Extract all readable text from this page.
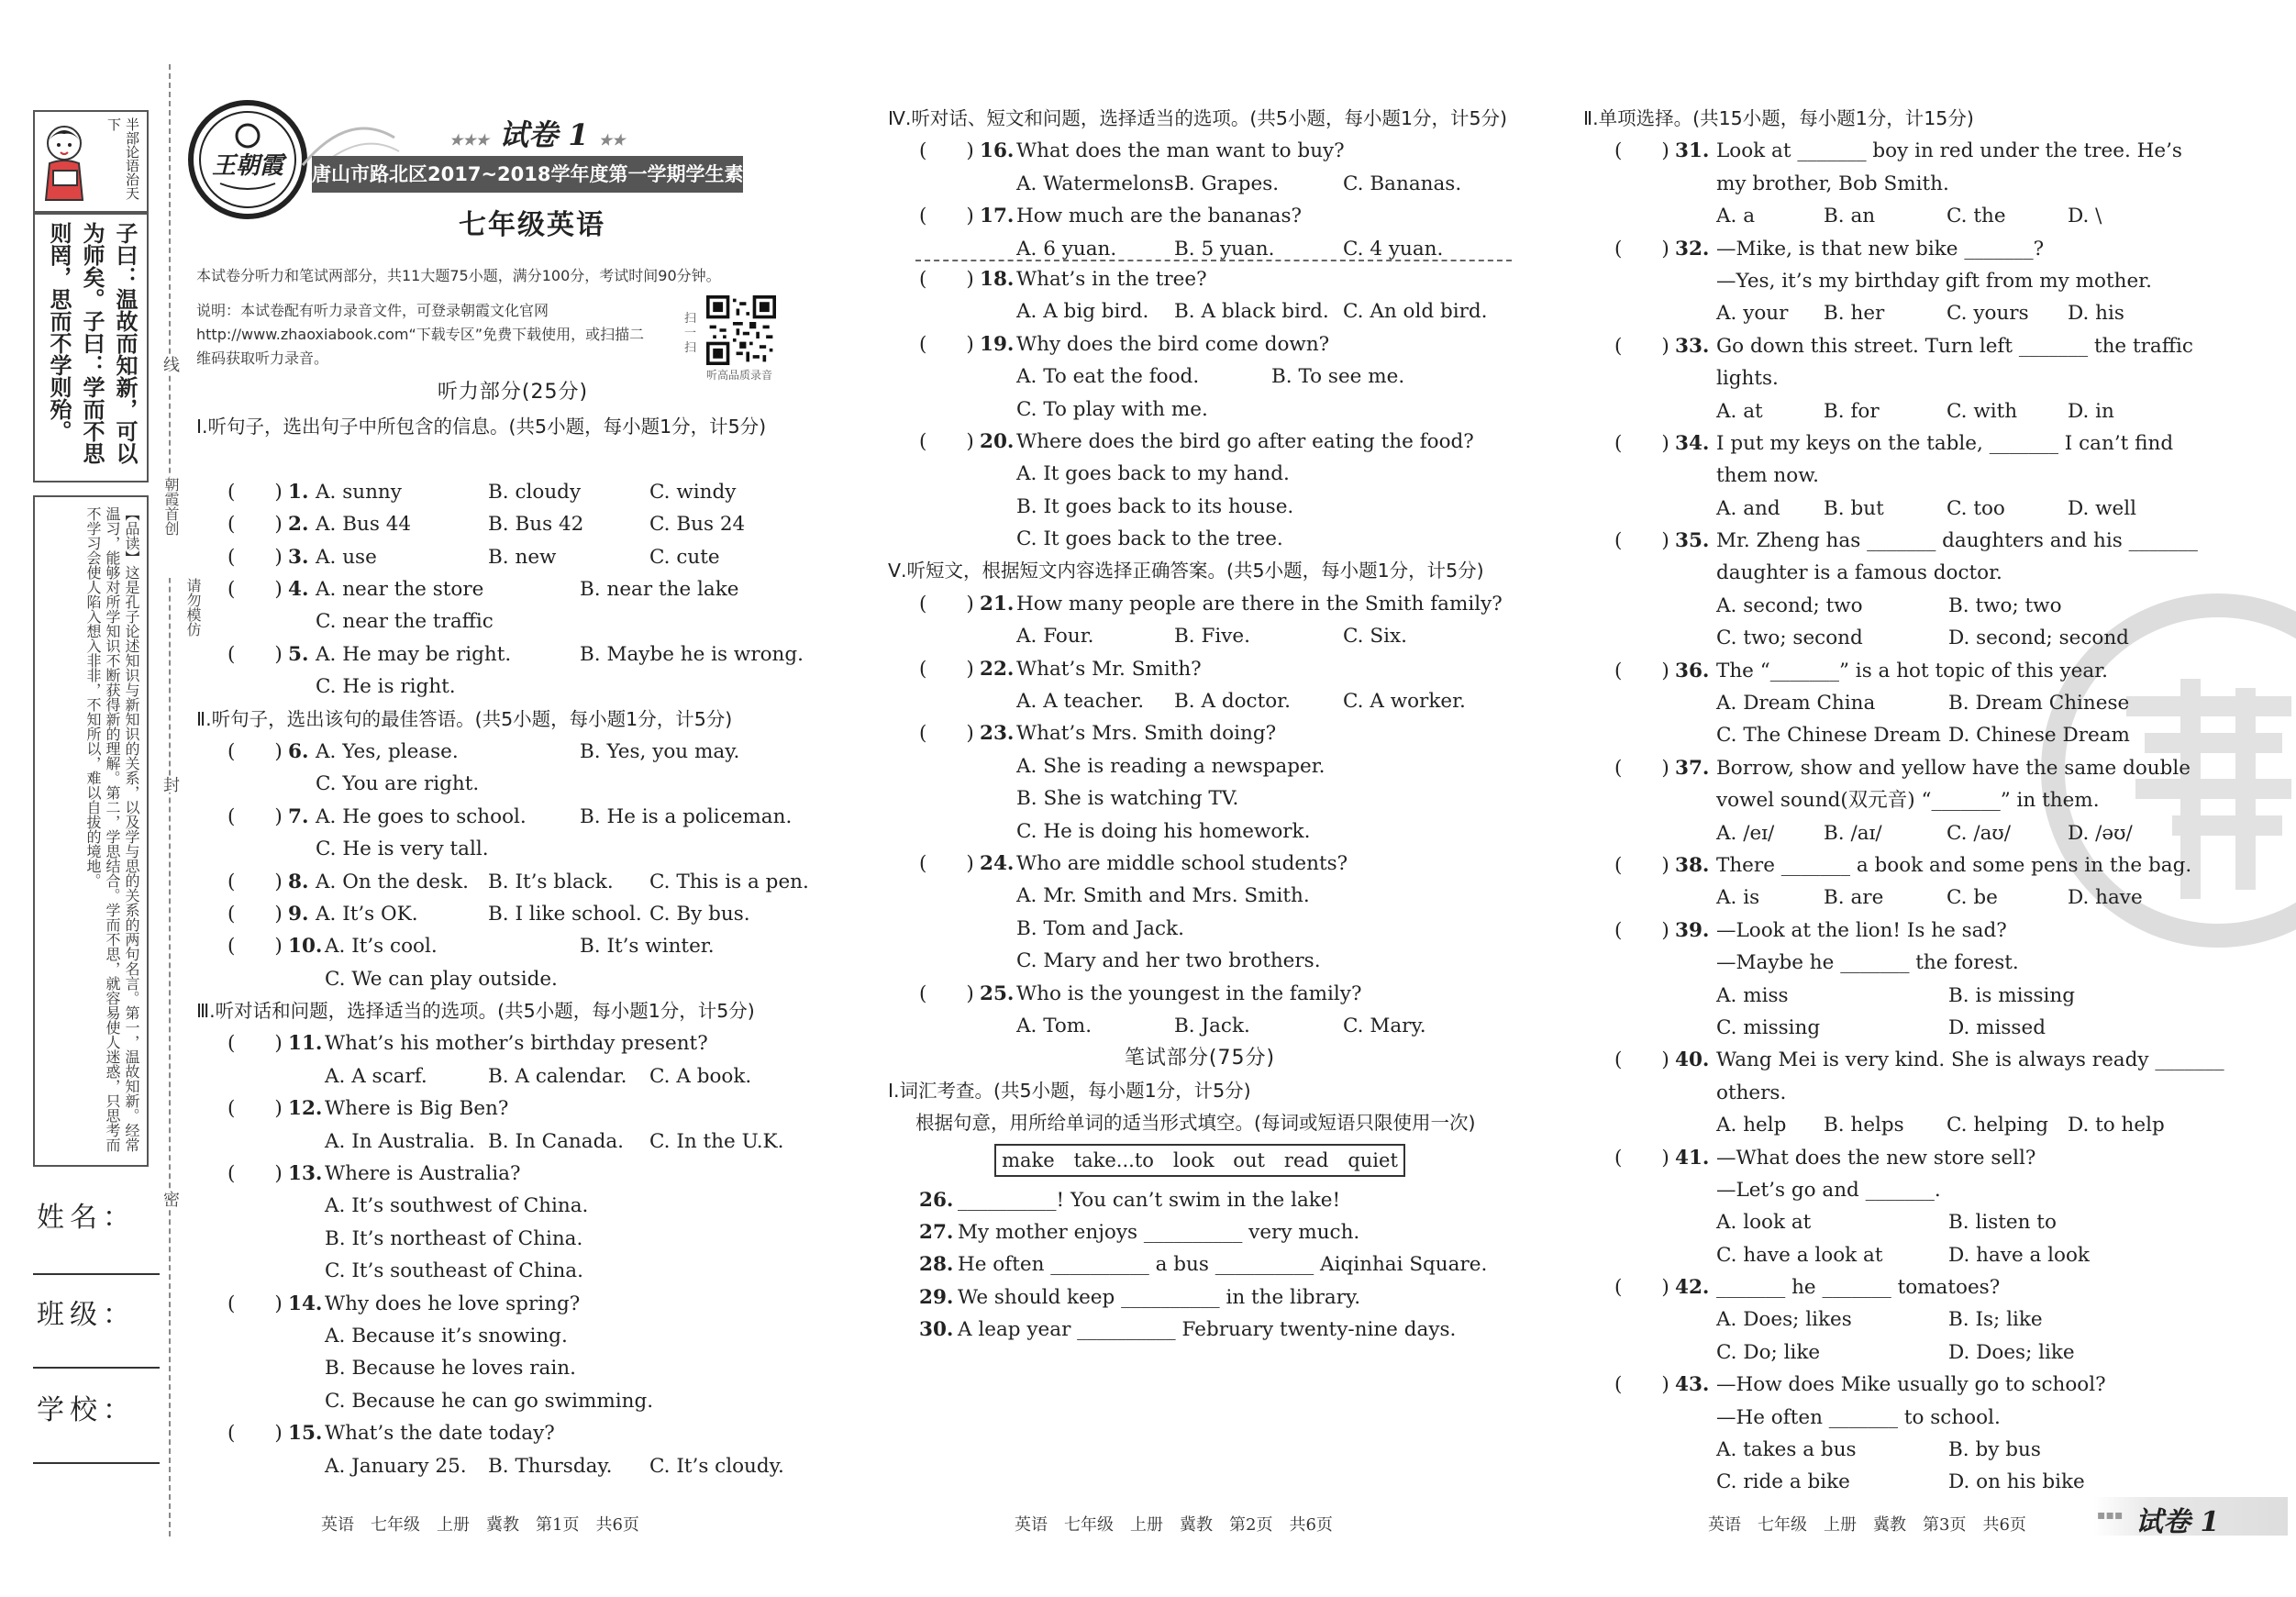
半部论语治天下
子曰：温故而知新，可以为师矣。子曰：学而不思则罔，思而不学则殆。
【品读】这是孔子论述知识与新知识的关系，以及学与思的关系的两句名言。第一，温故知新。经常温习，能够对所学知识不断获得新的理解。第二，学思结合。学而不思，就容易使人迷惑，只思考而不学习会使人陷入想入非非，不知所以，难以自拔的境地。
线
朝霞首创
请勿模仿
封
密
姓名：
班级：
学校：
王朝霞
★★★ 试卷 1 ★★
唐山市路北区2017~2018学年度第一学期学生素质终期评价试卷
七年级英语
本试卷分听力和笔试两部分，共11大题75小题，满分100分，考试时间90分钟。
说明：本试卷配有听力录音文件，可登录朝霞文化官网http://www.zhaoxiabook.com“下载专区”免费下载使用，或扫描二维码获取听力录音。
扫一扫
听高品质录音
听力部分(25分)
Ⅰ.听句子，选出句子中所包含的信息。(共5小题，每小题1分，计5分)
(　　) 1. A. sunny	B. cloudy	C. windy
(　　) 2. A. Bus 44	B. Bus 42	C. Bus 24
(　　) 3. A. use	B. new	C. cute
(　　) 4. A. near the store	B. near the lake
C. near the traffic
(　　) 5. A. He may be right.	B. Maybe he is wrong.
C. He is right.
Ⅱ.听句子，选出该句的最佳答语。(共5小题，每小题1分，计5分)
(　　) 6. A. Yes, please.	B. Yes, you may.
C. You are right.
(　　) 7. A. He goes to school.	B. He is a policeman.
C. He is very tall.
(　　) 8. A. On the desk. B. It’s black. C. This is a pen.
(　　) 9. A. It’s OK.	B. I like school. C. By bus.
(　　) 10. A. It’s cool.	B. It’s winter.
C. We can play outside.
Ⅲ.听对话和问题，选择适当的选项。(共5小题，每小题1分，计5分)
(　　) 11. What’s his mother’s birthday present?
A. A scarf.	B. A calendar. C. A book.
(　　) 12. Where is Big Ben?
A. In Australia. B. In Canada. C. In the U.K.
(　　) 13. Where is Australia?
A. It’s southwest of China.
B. It’s northeast of China.
C. It’s southeast of China.
(　　) 14. Why does he love spring?
A. Because it’s snowing.
B. Because he loves rain.
C. Because he can go swimming.
(　　) 15. What’s the date today?
A. January 25. B. Thursday. C. It’s cloudy.
Ⅳ.听对话、短文和问题，选择适当的选项。(共5小题，每小题1分，计5分)
(　　) 16. What does the man want to buy?
A. Watermelons.
B. Grapes.	C. Bananas.
(　　) 17. How much are the bananas?
A. 6 yuan.	B. 5 yuan.	C. 4 yuan.
(　　) 18. What’s in the tree?
A. A big bird. B. A black bird. C. An old bird.
(　　) 19. Why does the bird come down?
A. To eat the food.	B. To see me.
C. To play with me.
(　　) 20. Where does the bird go after eating the food?
A. It goes back to my hand.
B. It goes back to its house.
C. It goes back to the tree.
Ⅴ.听短文，根据短文内容选择正确答案。(共5小题，每小题1分，计5分)
(　　) 21. How many people are there in the Smith family?
A. Four.	B. Five.	C. Six.
(　　) 22. What’s Mr. Smith?
A. A teacher. B. A doctor.	C. A worker.
(　　) 23. What’s Mrs. Smith doing?
A. She is reading a newspaper.
B. She is watching TV.
C. He is doing his homework.
(　　) 24. Who are middle school students?
A. Mr. Smith and Mrs. Smith.
B. Tom and Jack.
C. Mary and her two brothers.
(　　) 25. Who is the youngest in the family?
A. Tom.	B. Jack.	C. Mary.
笔试部分(75分)
Ⅰ.词汇考查。(共5小题，每小题1分，计5分)
根据句意，用所给单词的适当形式填空。(每词或短语只限使用一次)
make　take...to　look out　read　quiet
26. __________! You can’t swim in the lake!
27. My mother enjoys __________ very much.
28. He often __________ a bus __________ Aiqinhai Square.
29. We should keep __________ in the library.
30. A leap year __________ February twenty-nine days.
Ⅱ.单项选择。(共15小题，每小题1分，计15分)
(　　) 31. Look at _______ boy in red under the tree. He’s
my brother, Bob Smith.
A. a	B. an	C. the	D. \
(　　) 32. —Mike, is that new bike _______?
—Yes, it’s my birthday gift from my mother.
A. your B. her	C. yours D. his
(　　) 33. Go down this street. Turn left _______ the traffic
lights.
A. at	B. for	C. with	D. in
(　　) 34. I put my keys on the table, _______ I can’t find
them now.
A. and B. but	C. too	D. well
(　　) 35. Mr. Zheng has _______ daughters and his _______
daughter is a famous doctor.
A. second; two	B. two; two
C. two; second	D. second; second
(　　) 36. The “_______” is a hot topic of this year.
A. Dream China	B. Dream Chinese
C. The Chinese Dream D. Chinese Dream
(　　) 37. Borrow, show and yellow have the same double
vowel sound(双元音) “_______” in them.
A. /eɪ/ B. /aɪ/	C. /aʊ/	D. /əʊ/
(　　) 38. There _______ a book and some pens in the bag.
A. is	B. are	C. be	D. have
(　　) 39. —Look at the lion! Is he sad?
—Maybe he _______ the forest.
A. miss	B. is missing
C. missing	D. missed
(　　) 40. Wang Mei is very kind. She is always ready _______
others.
A. help B. helps C. helping D. to help
(　　) 41. —What does the new store sell?
—Let’s go and _______.
A. look at	B. listen to
C. have a look at	D. have a look
(　　) 42. _______ he _______ tomatoes?
A. Does; likes	B. Is; like
C. Do; like	D. Does; like
(　　) 43. —How does Mike usually go to school?
—He often _______ to school.
A. takes a bus	B. by bus
C. ride a bike	D. on his bike
英语　七年级　上册　冀教　第1页　共6页	英语　七年级　上册　冀教　第2页　共6页	英语　七年级　上册　冀教　第3页　共6页	▪▪▪ 试卷 1
